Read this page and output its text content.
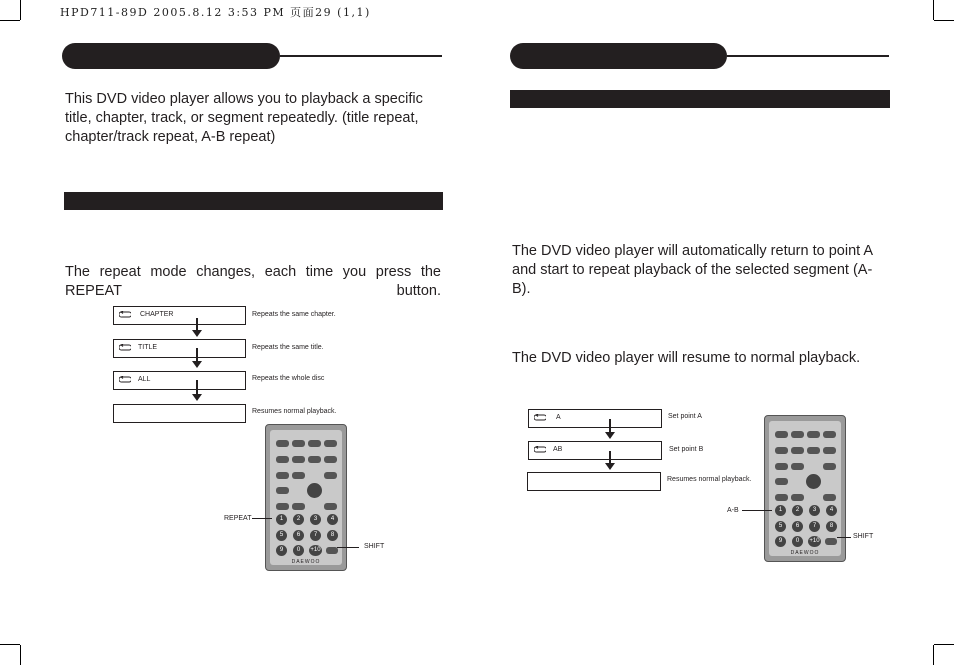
HPD711-89D 2005.8.12 3:53 PM 页面29 (1,1)
This DVD video player allows you to playback a specific title, chapter, track, or segment repeatedly. (title repeat, chapter/track repeat, A-B repeat)
The repeat mode changes, each time you press the REPEAT button.
CHAPTER	Repeats the same chapter.
TITLE	Repeats the same title.
ALL	Repeats the whole disc
Resumes normal playback.
1	2	3	4
5	6	7	8
9	0	+10
DAEWOO
REPEAT
SHIFT
The DVD video player will automatically return to point A and start to repeat playback of the selected segment (A-B).
The DVD video player will resume to normal playback.
A	Set point A
AB	Set point B
Resumes normal playback.
1	2	3	4
5	6	7	8
9	0	+10
DAEWOO
A-B
SHIFT
